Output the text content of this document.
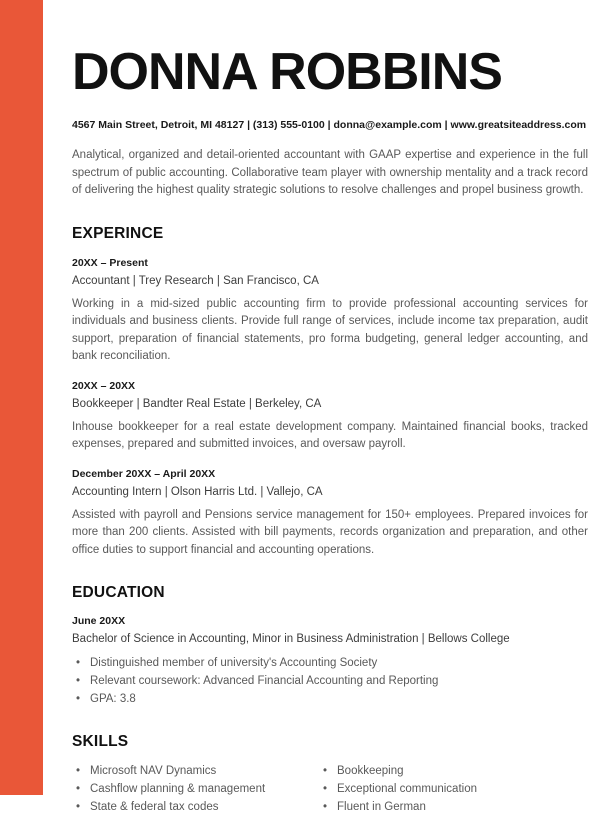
DONNA ROBBINS
4567 Main Street, Detroit, MI 48127 | (313) 555-0100 | donna@example.com | www.greatsiteaddress.com

Analytical, organized and detail-oriented accountant with GAAP expertise and experience in the full spectrum of public accounting. Collaborative team player with ownership mentality and a track record of delivering the highest quality strategic solutions to resolve challenges and propel business growth.

EXPERINCE
20XX – Present
Accountant | Trey Research | San Francisco, CA

Working in a mid-sized public accounting firm to provide professional accounting services for individuals and business clients. Provide full range of services, include income tax preparation, audit support, preparation of financial statements, pro forma budgeting, general ledger accounting, and bank reconciliation.

20XX – 20XX
Bookkeeper | Bandter Real Estate | Berkeley, CA

Inhouse bookkeeper for a real estate development company. Maintained financial books, tracked expenses, prepared and submitted invoices, and oversaw payroll.

December 20XX – April 20XX
Accounting Intern | Olson Harris Ltd. | Vallejo, CA

Assisted with payroll and Pensions service management for 150+ employees. Prepared invoices for more than 200 clients. Assisted with bill payments, records organization and preparation, and other office duties to support financial and accounting operations.

EDUCATION
June 20XX
Bachelor of Science in Accounting, Minor in Business Administration | Bellows College
• Distinguished member of university's Accounting Society
• Relevant coursework: Advanced Financial Accounting and Reporting
• GPA: 3.8
SKILLS
• Microsoft NAV Dynamics
• Cashflow planning & management
• State & federal tax codes
• Bookkeeping
• Exceptional communication
• Fluent in German
